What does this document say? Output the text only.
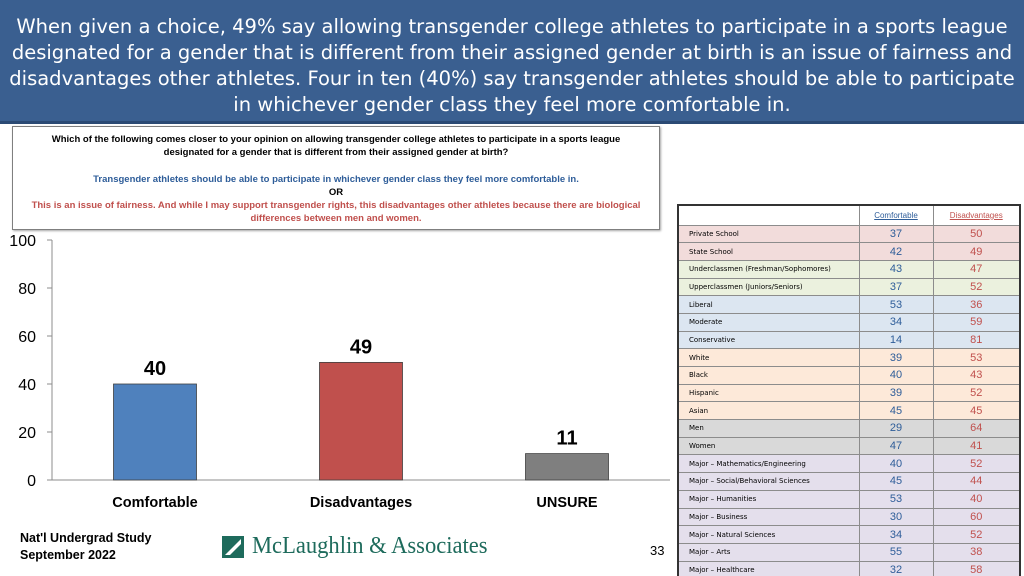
When given a choice, 49% say allowing transgender college athletes to participate in a sports league designated for a gender that is different from their assigned gender at birth is an issue of fairness and disadvantages other athletes. Four in ten (40%) say transgender athletes should be able to participate in whichever gender class they feel more comfortable in.
Which of the following comes closer to your opinion on allowing transgender college athletes to participate in a sports league designated for a gender that is different from their assigned gender at birth?
Transgender athletes should be able to participate in whichever gender class they feel more comfortable in.
OR
This is an issue of fairness. And while I may support transgender rights, this disadvantages other athletes because there are biological differences between men and women.
0
20
40
60
80
100
40
Comfortable
49
Disadvantages
11
UNSURE
	Comfortable	Disadvantages
Private School	37	50
State School	42	49
Underclassmen (Freshman/Sophomores)	43	47
Upperclassmen (Juniors/Seniors)	37	52
Liberal	53	36
Moderate	34	59
Conservative	14	81
White	39	53
Black	40	43
Hispanic	39	52
Asian	45	45
Men	29	64
Women	47	41
Major – Mathematics/Engineering	40	52
Major – Social/Behavioral Sciences	45	44
Major – Humanities	53	40
Major – Business	30	60
Major – Natural Sciences	34	52
Major – Arts	55	38
Major – Healthcare	32	58
Nat'l Undergrad Study
September 2022	McLaughlin & Associates	33
